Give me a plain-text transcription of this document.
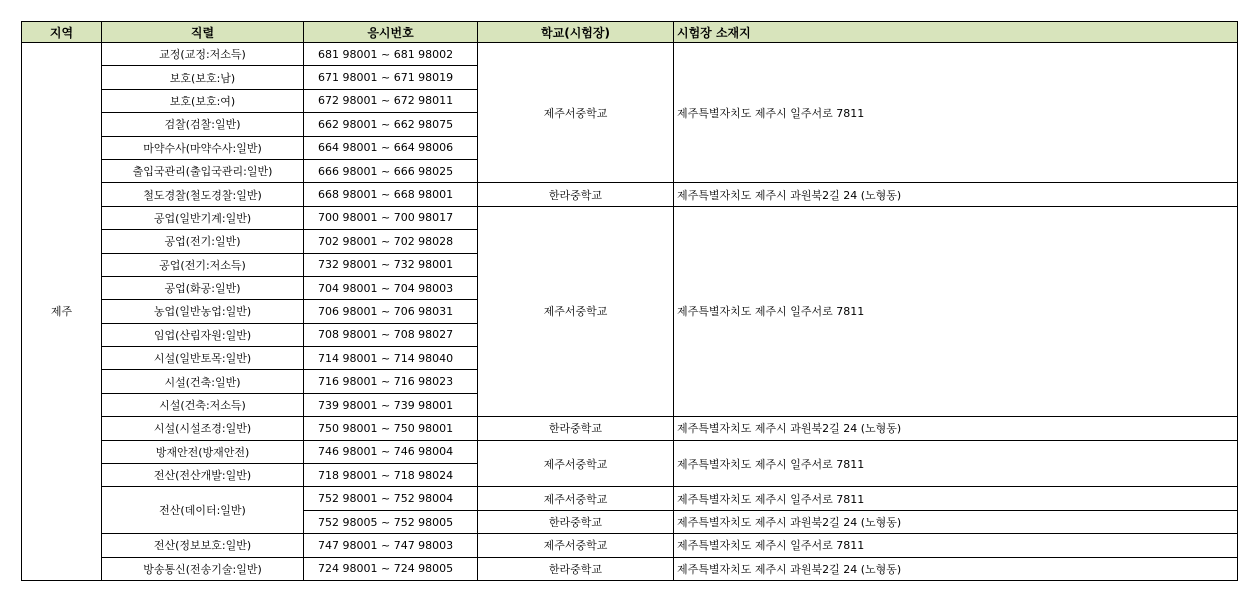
지역	직렬	응시번호	학교(시험장)	시험장 소재지
제주	교정(교정:저소득)	681 98001 ~ 681 98002	제주서중학교	제주특별자치도 제주시 일주서로 7811
	보호(보호:남)	671 98001 ~ 671 98019		
	보호(보호:여)	672 98001 ~ 672 98011		
	검찰(검찰:일반)	662 98001 ~ 662 98075		
	마약수사(마약수사:일반)	664 98001 ~ 664 98006		
	출입국관리(출입국관리:일반)	666 98001 ~ 666 98025		
	철도경찰(철도경찰:일반)	668 98001 ~ 668 98001	한라중학교	제주특별자치도 제주시 과원북2길 24 (노형동)
	공업(일반기계:일반)	700 98001 ~ 700 98017	제주서중학교	제주특별자치도 제주시 일주서로 7811
	공업(전기:일반)	702 98001 ~ 702 98028		
	공업(전기:저소득)	732 98001 ~ 732 98001		
	공업(화공:일반)	704 98001 ~ 704 98003		
	농업(일반농업:일반)	706 98001 ~ 706 98031		
	임업(산림자원:일반)	708 98001 ~ 708 98027		
	시설(일반토목:일반)	714 98001 ~ 714 98040		
	시설(건축:일반)	716 98001 ~ 716 98023		
	시설(건축:저소득)	739 98001 ~ 739 98001		
	시설(시설조경:일반)	750 98001 ~ 750 98001	한라중학교	제주특별자치도 제주시 과원북2길 24 (노형동)
	방재안전(방재안전)	746 98001 ~ 746 98004	제주서중학교	제주특별자치도 제주시 일주서로 7811
	전산(전산개발:일반)	718 98001 ~ 718 98024		
	전산(데이터:일반)	752 98001 ~ 752 98004	제주서중학교	제주특별자치도 제주시 일주서로 7811
		752 98005 ~ 752 98005	한라중학교	제주특별자치도 제주시 과원북2길 24 (노형동)
	전산(정보보호:일반)	747 98001 ~ 747 98003	제주서중학교	제주특별자치도 제주시 일주서로 7811
	방송통신(전송기술:일반)	724 98001 ~ 724 98005	한라중학교	제주특별자치도 제주시 과원북2길 24 (노형동)
